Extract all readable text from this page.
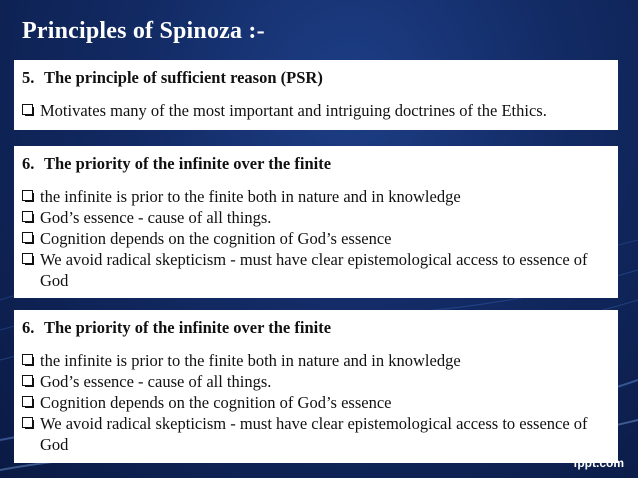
Principles of Spinoza :-
5. The principle of sufficient reason (PSR)
Motivates many of the most important and intriguing doctrines of the Ethics.
6. The priority of the infinite over the finite
the infinite is prior to the finite both in nature and in knowledge
God’s essence - cause of all things.
Cognition depends on the cognition of God’s essence
We avoid radical skepticism - must have clear epistemological access to essence of God
6. The priority of the infinite over the finite
the infinite is prior to the finite both in nature and in knowledge
God’s essence - cause of all things.
Cognition depends on the cognition of God’s essence
We avoid radical skepticism - must have clear epistemological access to essence of God
fppt.com
